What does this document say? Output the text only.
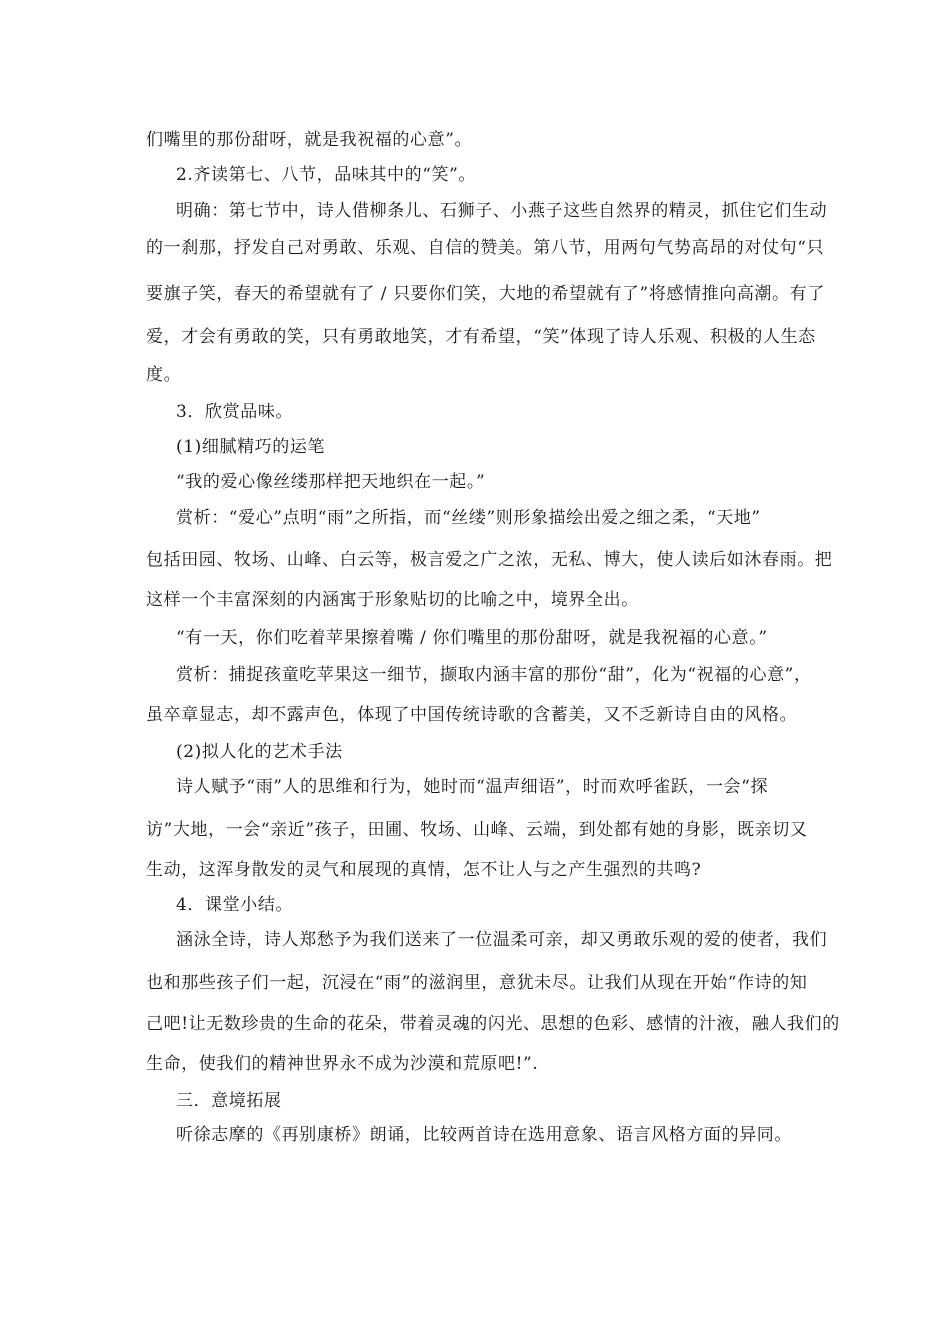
们嘴里的那份甜呀，就是我祝福的心意”。
2.齐读第七、八节，品味其中的“笑”。
明确：第七节中，诗人借柳条儿、石狮子、小燕子这些自然界的精灵，抓住它们生动
的一刹那，抒发自己对勇敢、乐观、自信的赞美。第八节，用两句气势高昂的对仗句“只
要旗子笑，春天的希望就有了 / 只要你们笑，大地的希望就有了”将感情推向高潮。有了
爱，才会有勇敢的笑，只有勇敢地笑，才有希望，“笑”体现了诗人乐观、积极的人生态
度。
3．欣赏品味。
(1)细腻精巧的运笔
“我的爱心像丝缕那样把天地织在一起。”
赏析：“爱心”点明“雨”之所指，而“丝缕”则形象描绘出爱之细之柔，“天地”
包括田园、牧场、山峰、白云等，极言爱之广之浓，无私、博大，使人读后如沐春雨。把
这样一个丰富深刻的内涵寓于形象贴切的比喻之中，境界全出。
“有一天，你们吃着苹果擦着嘴 / 你们嘴里的那份甜呀，就是我祝福的心意。”
赏析：捕捉孩童吃苹果这一细节，撷取内涵丰富的那份“甜”，化为“祝福的心意”，
虽卒章显志，却不露声色，体现了中国传统诗歌的含蓄美，又不乏新诗自由的风格。
(2)拟人化的艺术手法
诗人赋予“雨”人的思维和行为，她时而“温声细语”，时而欢呼雀跃，一会“探
访”大地，一会“亲近”孩子，田圃、牧场、山峰、云端，到处都有她的身影，既亲切又
生动，这浑身散发的灵气和展现的真情，怎不让人与之产生强烈的共鸣?
4．课堂小结。
涵泳全诗，诗人郑愁予为我们送来了一位温柔可亲，却又勇敢乐观的爱的使者，我们
也和那些孩子们一起，沉浸在“雨”的滋润里，意犹未尽。让我们从现在开始“作诗的知
己吧!让无数珍贵的生命的花朵，带着灵魂的闪光、思想的色彩、感情的汁液，融人我们的
生命，使我们的精神世界永不成为沙漠和荒原吧!”.
三．意境拓展
听徐志摩的《再别康桥》朗诵，比较两首诗在选用意象、语言风格方面的异同。
